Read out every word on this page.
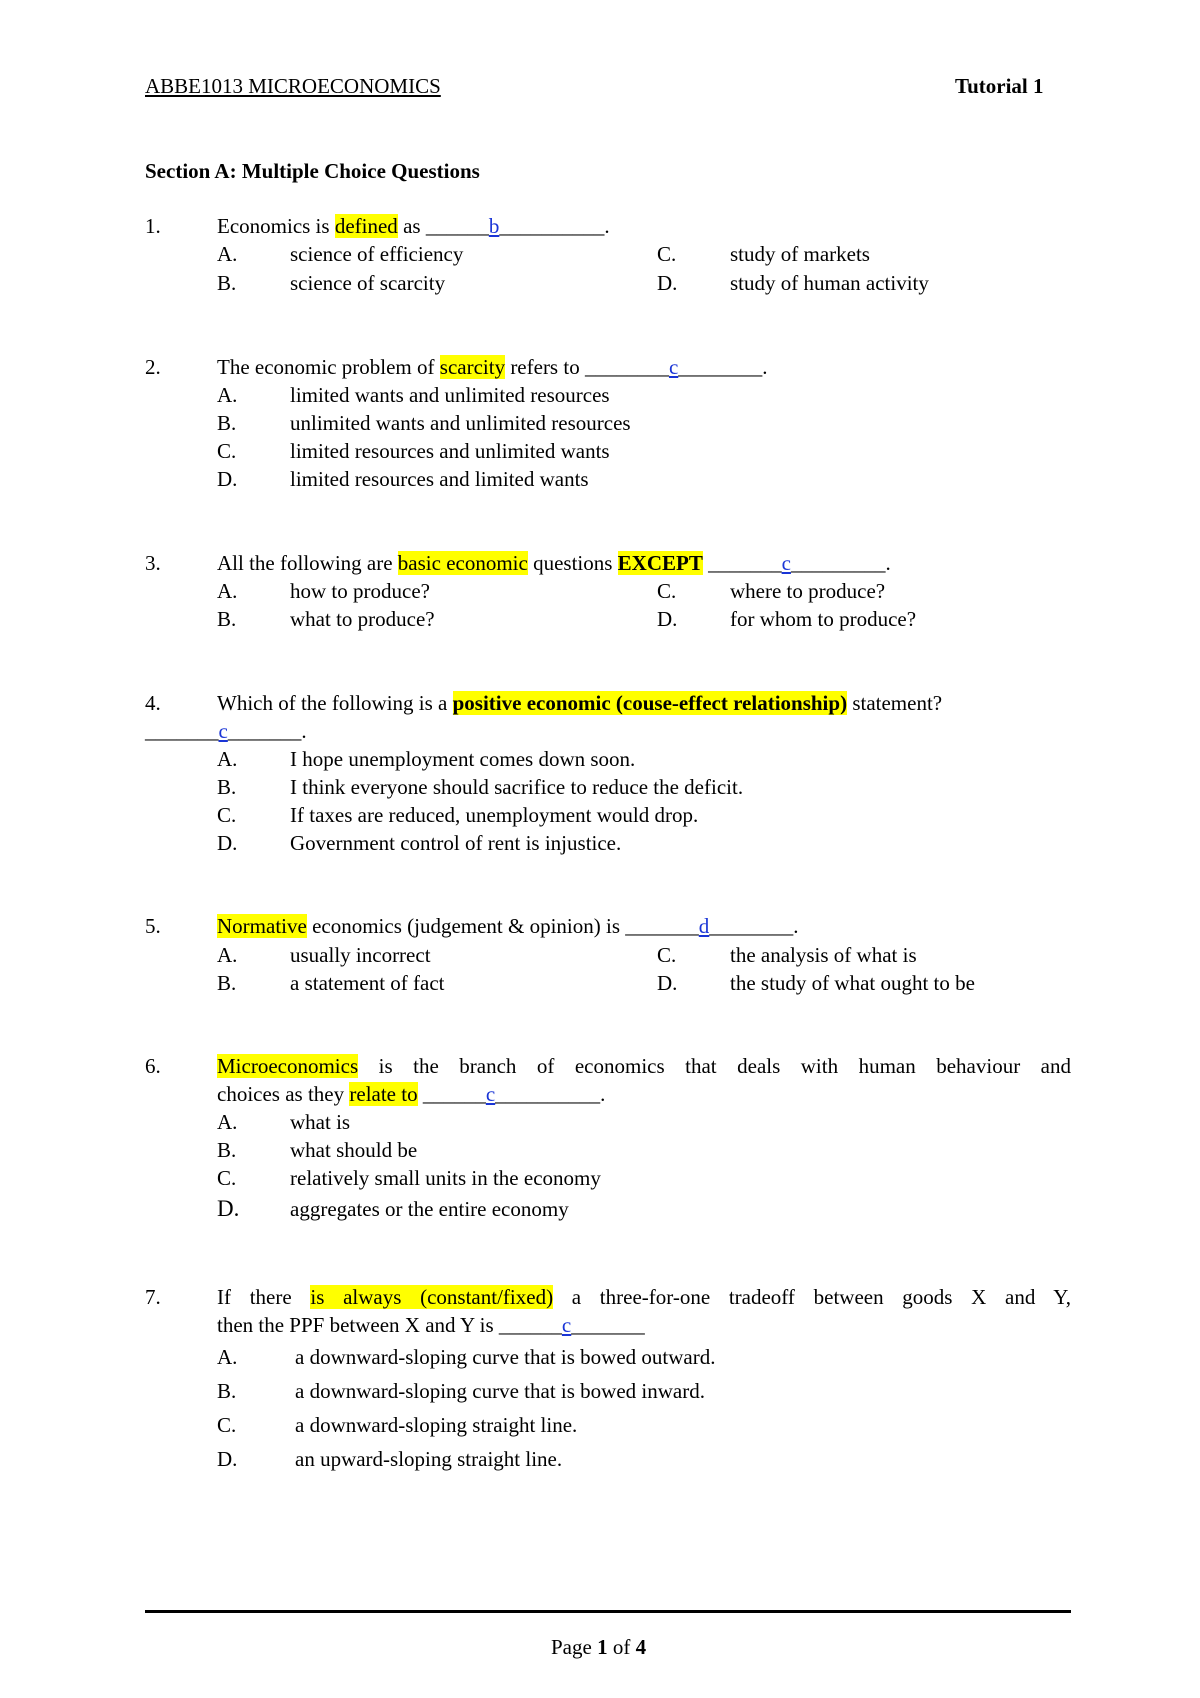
ABBE1013 MICROECONOMICS	Tutorial 1
Section A: Multiple Choice Questions
1.	Economics is defined as ______b__________.
A.	science of efficiency	C.	study of markets
B.	science of scarcity	D.	study of human activity
2.	The economic problem of scarcity refers to ________c________.
A.	limited wants and unlimited resources
B.	unlimited wants and unlimited resources
C.	limited resources and unlimited wants
D.	limited resources and limited wants
3.	All the following are basic economic questions EXCEPT _______c_________.
A.	how to produce?	C.	where to produce?
B.	what to produce?	D.	for whom to produce?
4.	Which of the following is a positive economic (couse-effect relationship) statement?
_______c_______.
A.	I hope unemployment comes down soon.
B.	I think everyone should sacrifice to reduce the deficit.
C.	If taxes are reduced, unemployment would drop.
D.	Government control of rent is injustice.
5.	Normative economics (judgement & opinion) is _______d________.
A.	usually incorrect	C.	the analysis of what is
B.	a statement of fact	D.	the study of what ought to be
6.	Microeconomics is the branch of economics that deals with human behaviour and
choices as they relate to ______c__________.
A.	what is
B.	what should be
C.	relatively small units in the economy
D. aggregates or the entire economy
7.	If there is always (constant/fixed) a three-for-one tradeoff between goods X and Y,
then the PPF between X and Y is ______c_______
A.	a downward-sloping curve that is bowed outward.
B.	a downward-sloping curve that is bowed inward.
C.	a downward-sloping straight line.
D.	an upward-sloping straight line.
Page 1 of 4
